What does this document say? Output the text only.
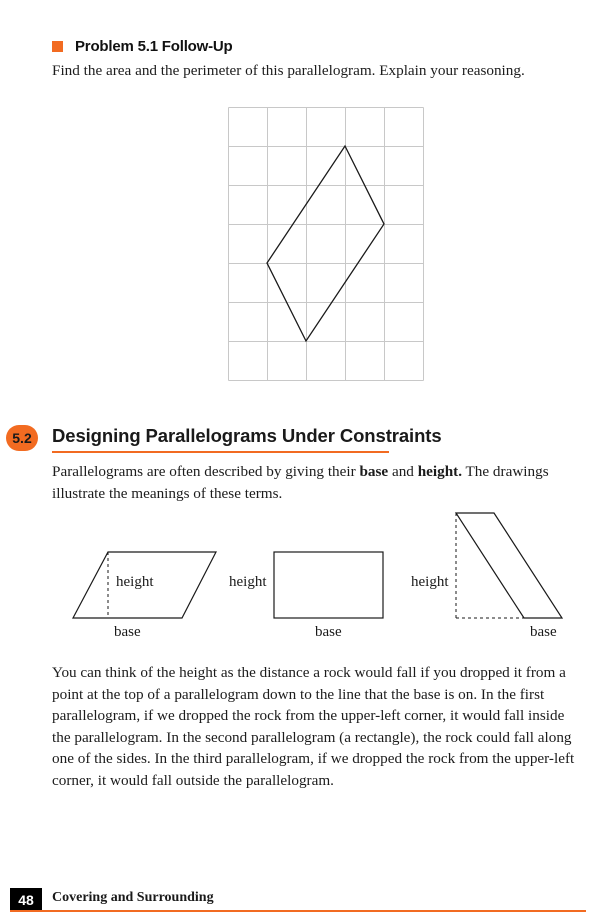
Problem 5.1 Follow-Up
Find the area and the perimeter of this parallelogram. Explain your reasoning.
5.2	Designing Parallelograms Under Constraints
Parallelograms are often described by giving their base and height. The drawings illustrate the meanings of these terms.
height
base
height
base
height
base
You can think of the height as the distance a rock would fall if you dropped it from a point at the top of a parallelogram down to the line that the base is on. In the first parallelogram, if we dropped the rock from the upper-left corner, it would fall inside the parallelogram. In the second parallelogram (a rectangle), the rock could fall along one of the sides. In the third parallelogram, if we dropped the rock from the upper-left corner, it would fall outside the parallelogram.
48	Covering and Surrounding
